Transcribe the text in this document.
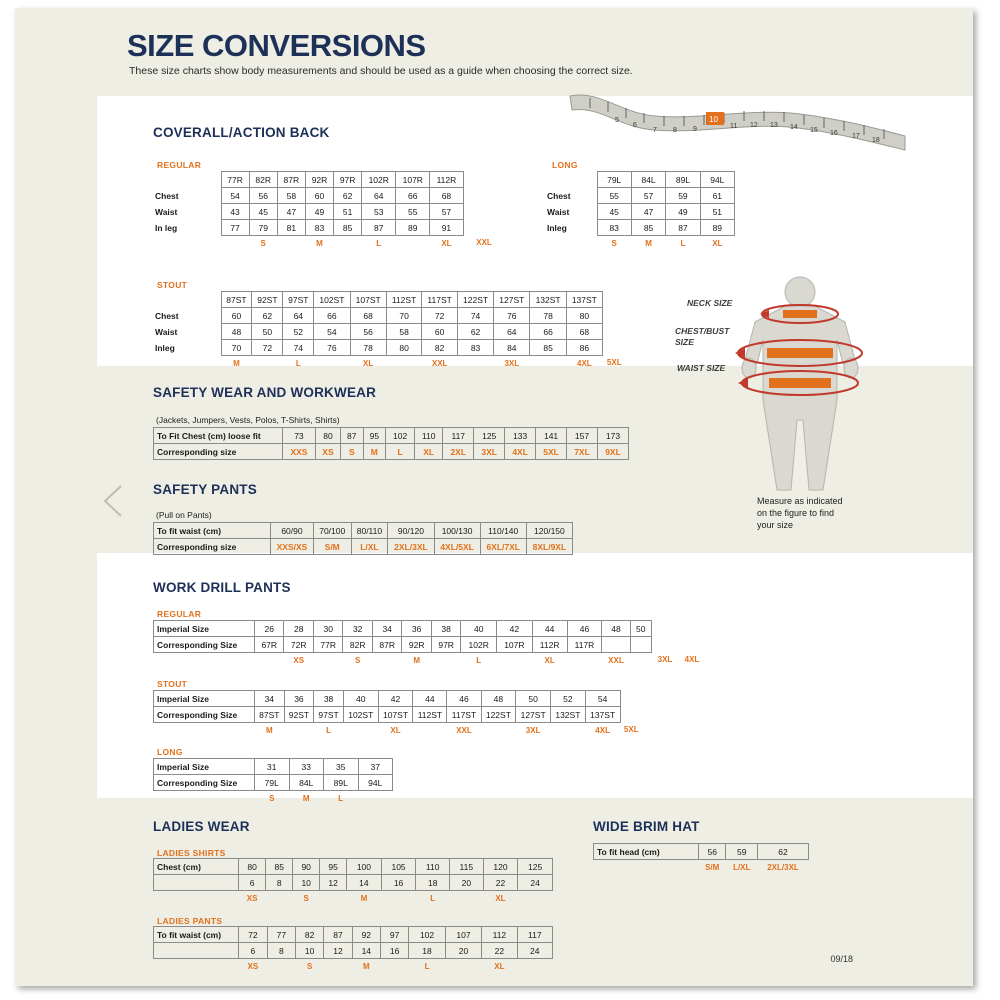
SIZE CONVERSIONS
These size charts show body measurements and should be used as a guide when choosing the correct size.
5
6
7 8 9	11 12 13 14 15 16 17
18
10
COVERALL/ACTION BACK
REGULAR	LONG
STOUT
	77R	82R	87R	92R	97R	102R	107R	112R		
Chest	54	56	58	60	62	64	66	68		
Waist	43	45	47	49	51	53	55	57		
In leg	77	79	81	83	85	87	89	91		
		S		M		L		XL		XXL
	79L	84L	89L	94L
Chest	55	57	59	61
Waist	45	47	49	51
Inleg	83	85	87	89
	S	M	L	XL
	87ST	92ST	97ST	102ST	107ST	112ST	117ST	122ST	127ST	132ST	137ST	
Chest	60	62	64	66	68	70	72	74	76	78	80	
Waist	48	50	52	54	56	58	60	62	64	66	68	
Inleg	70	72	74	76	78	80	82	83	84	85	86	
	M		L		XL		XXL		3XL		4XL	5XL
SAFETY WEAR AND WORKWEAR
(Jackets, Jumpers, Vests, Polos, T-Shirts, Shirts)
To Fit Chest (cm) loose fit	73	80	87	95	102	110	117	125	133	141	157	173
Corresponding size	XXS	XS	S	M	L	XL	2XL	3XL	4XL	5XL	7XL	9XL
SAFETY PANTS
(Pull on Pants)
To fit waist (cm)	60/90	70/100	80/110	90/120	100/130	110/140	120/150
Corresponding size	XXS/XS	S/M	L/XL	2XL/3XL	4XL/5XL	6XL/7XL	8XL/9XL
WORK DRILL PANTS
REGULAR
Imperial Size	26	28	30	32	34	36	38	40	42	44	46	48	50		
Corresponding Size	67R	72R	77R	82R	87R	92R	97R	102R	107R	112R	117R				
		XS		S		M		L		XL		XXL		3XL	4XL
STOUT
Imperial Size	34	36	38	40	42	44	46	48	50	52	54	
Corresponding Size	87ST	92ST	97ST	102ST	107ST	112ST	117ST	122ST	127ST	132ST	137ST	
	M		L		XL		XXL		3XL		4XL	5XL
LONG
Imperial Size	31	33	35	37
Corresponding Size	79L	84L	89L	94L
	S	M	L	
LADIES WEAR
LADIES SHIRTS
Chest (cm)	80	85	90	95	100	105	110	115	120	125
	6	8	10	12	14	16	18	20	22	24
	XS		S		M		L		XL	
LADIES PANTS
To fit waist (cm)	72	77	82	87	92	97	102	107	112	117
	6	8	10	12	14	16	18	20	22	24
	XS		S		M		L		XL	
WIDE BRIM HAT
To fit head (cm)	56	59	62
	S/M	L/XL	2XL/3XL
NECK SIZE
CHEST/BUST SIZE
WAIST SIZE
Measure as indicated on the figure to find your size
09/18
